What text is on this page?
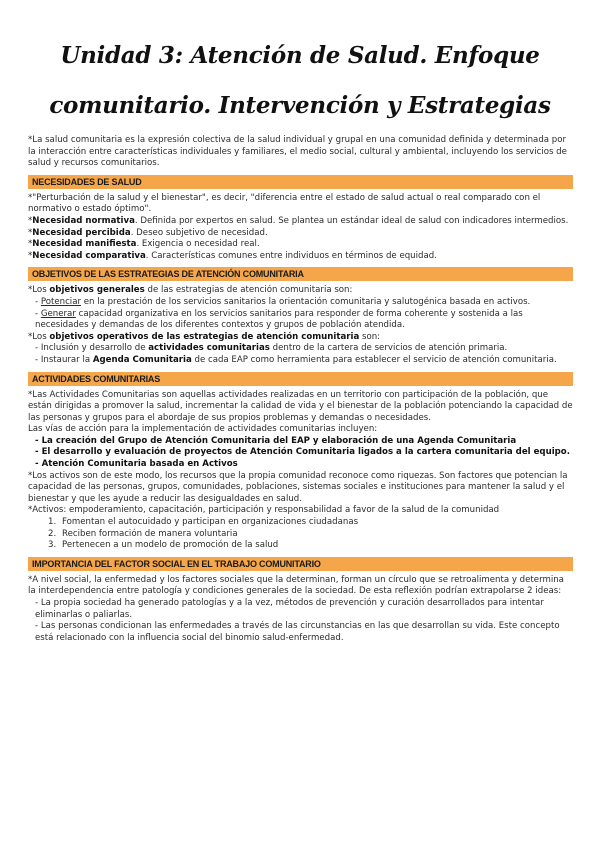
Unidad 3: Atención de Salud. Enfoque
comunitario. Intervención y Estrategias

*La salud comunitaria es la expresión colectiva de la salud individual y grupal en una comunidad definida y determinada por la interacción entre características individuales y familiares, el medio social, cultural y ambiental, incluyendo los servicios de salud y recursos comunitarios.

NECESIDADES DE SALUD

*"Perturbación de la salud y el bienestar", es decir, "diferencia entre el estado de salud actual o real comparado con el normativo o estado óptimo".

*Necesidad normativa. Definida por expertos en salud. Se plantea un estándar ideal de salud con indicadores intermedios.

*Necesidad percibida. Deseo subjetivo de necesidad.

*Necesidad manifiesta. Exigencia o necesidad real.

*Necesidad comparativa. Características comunes entre individuos en términos de equidad.

OBJETIVOS DE LAS ESTRATEGIAS DE ATENCIÓN COMUNITARIA

*Los objetivos generales de las estrategias de atención comunitaria son:

- Potenciar en la prestación de los servicios sanitarios la orientación comunitaria y salutogénica basada en activos.

- Generar capacidad organizativa en los servicios sanitarios para responder de forma coherente y sostenida a las necesidades y demandas de los diferentes contextos y grupos de población atendida.

*Los objetivos operativos de las estrategias de atención comunitaria son:

- Inclusión y desarrollo de actividades comunitarias dentro de la cartera de servicios de atención primaria.

- Instaurar la Agenda Comunitaria de cada EAP como herramienta para establecer el servicio de atención comunitaria.

ACTIVIDADES COMUNITARIAS

*Las Actividades Comunitarias son aquellas actividades realizadas en un territorio con participación de la población, que están dirigidas a promover la salud, incrementar la calidad de vida y el bienestar de la población potenciando la capacidad de las personas y grupos para el abordaje de sus propios problemas y demandas o necesidades.

Las vías de acción para la implementación de actividades comunitarias incluyen:

- La creación del Grupo de Atención Comunitaria del EAP y elaboración de una Agenda Comunitaria

- El desarrollo y evaluación de proyectos de Atención Comunitaria ligados a la cartera comunitaria del equipo.

- Atención Comunitaria basada en Activos

*Los activos son de este modo, los recursos que la propia comunidad reconoce como riquezas. Son factores que potencian la capacidad de las personas, grupos, comunidades, poblaciones, sistemas sociales e instituciones para mantener la salud y el bienestar y que les ayude a reducir las desigualdades en salud.

*Activos: empoderamiento, capacitación, participación y responsabilidad a favor de la salud de la comunidad

1. Fomentan el autocuidado y participan en organizaciones ciudadanas

2. Reciben formación de manera voluntaria

3. Pertenecen a un modelo de promoción de la salud

IMPORTANCIA DEL FACTOR SOCIAL EN EL TRABAJO COMUNITARIO

*A nivel social, la enfermedad y los factores sociales que la determinan, forman un círculo que se retroalimenta y determina la interdependencia entre patología y condiciones generales de la sociedad. De esta reflexión podrían extrapolarse 2 ideas:

- La propia sociedad ha generado patologías y a la vez, métodos de prevención y curación desarrollados para intentar eliminarlas o paliarlas.

- Las personas condicionan las enfermedades a través de las circunstancias en las que desarrollan su vida. Este concepto está relacionado con la influencia social del binomio salud-enfermedad.
